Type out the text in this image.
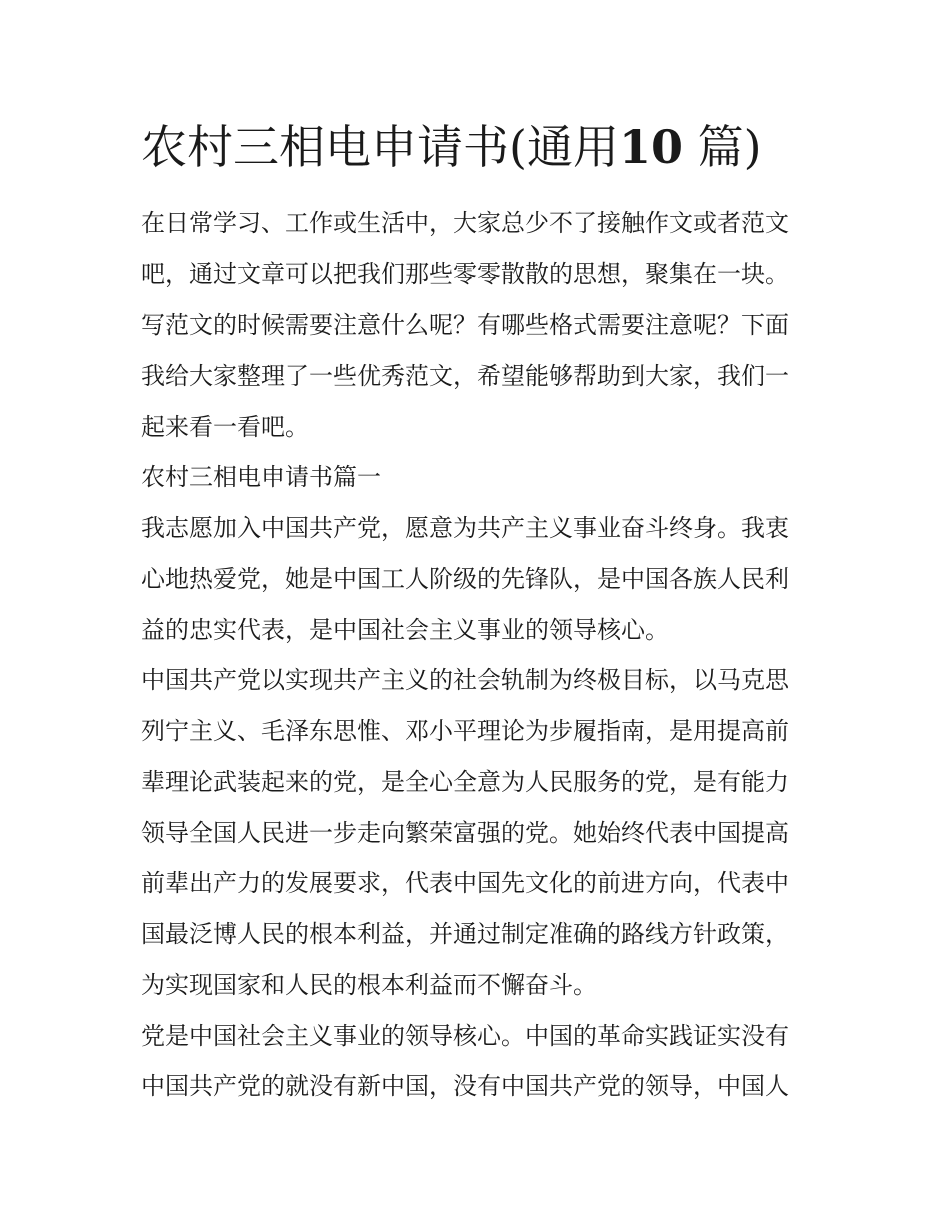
农村三相电申请书(通用10 篇)
在日常学习、工作或生活中，大家总少不了接触作文或者范文
吧，通过文章可以把我们那些零零散散的思想，聚集在一块。
写范文的时候需要注意什么呢？有哪些格式需要注意呢？下面
我给大家整理了一些优秀范文，希望能够帮助到大家，我们一
起来看一看吧。
农村三相电申请书篇一
我志愿加入中国共产党，愿意为共产主义事业奋斗终身。我衷
心地热爱党，她是中国工人阶级的先锋队，是中国各族人民利
益的忠实代表，是中国社会主义事业的领导核心。
中国共产党以实现共产主义的社会轨制为终极目标，以马克思
列宁主义、毛泽东思惟、邓小平理论为步履指南，是用提高前
辈理论武装起来的党，是全心全意为人民服务的党，是有能力
领导全国人民进一步走向繁荣富强的党。她始终代表中国提高
前辈出产力的发展要求，代表中国先文化的前进方向，代表中
国最泛博人民的根本利益，并通过制定准确的路线方针政策，
为实现国家和人民的根本利益而不懈奋斗。
党是中国社会主义事业的领导核心。中国的革命实践证实没有
中国共产党的就没有新中国，没有中国共产党的领导，中国人
